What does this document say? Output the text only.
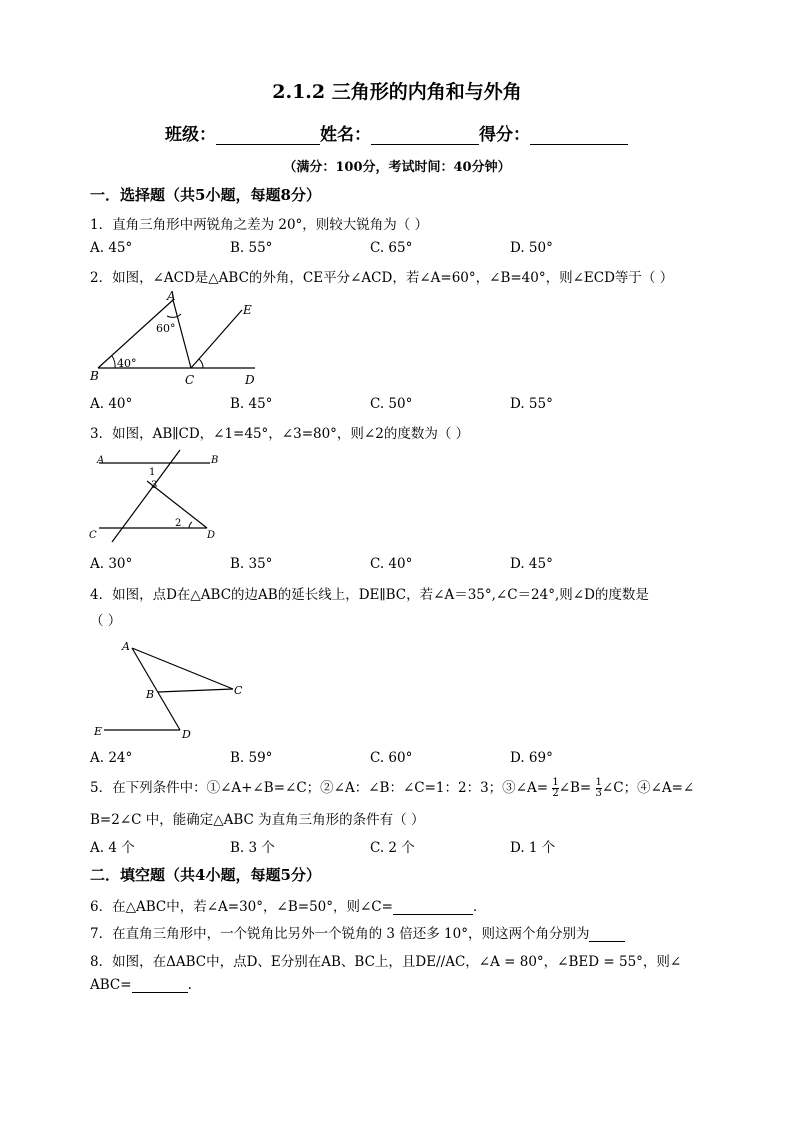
2.1.2 三角形的内角和与外角
班级：	姓名：	得分：
（满分：100分，考试时间：40分钟）
一．选择题（共5小题，每题8分）
1．直角三角形中两锐角之差为 20°，则较大锐角为（ ）
A. 45°	B. 55°	C. 65°	D. 50°
2．如图，∠ACD是△ABC的外角，CE平分∠ACD，若∠A=60°，∠B=40°，则∠ECD等于（ ）
A
B	C	D
E
60°
40°
A. 40°	B. 45°	C. 50°	D. 55°
3．如图，AB∥CD，∠1=45°，∠3=80°，则∠2的度数为（ ）
A	B
C	D
1
2
3
A. 30°	B. 35°	C. 40°	D. 45°
4．如图，点D在△ABC的边AB的延长线上，DE∥BC，若∠A＝35°,∠C＝24°,则∠D的度数是
（ ）
A
B	C
D
E
A. 24°	B. 59°	C. 60°	D. 69°
5．在下列条件中：①∠A+∠B=∠C；②∠A：∠B：∠C=1：2：3；③∠A= $\frac{1}{2}$ ∠B= $\frac{1}{3}$ ∠C；④∠A=∠
B=2∠C 中，能确定△ABC 为直角三角形的条件有（ ）
A. 4 个	B. 3 个	C. 2 个	D. 1 个
二．填空题（共4小题，每题5分）
6．在△ABC中，若∠A=30°，∠B=50°，则∠C=	．
7．在直角三角形中，一个锐角比另外一个锐角的 3 倍还多 10°，则这两个角分别为
8．如图，在ΔABC中，点D、E分别在AB、BC上，且DE//AC，∠A = 80°，∠BED = 55°，则∠
ABC=	.
